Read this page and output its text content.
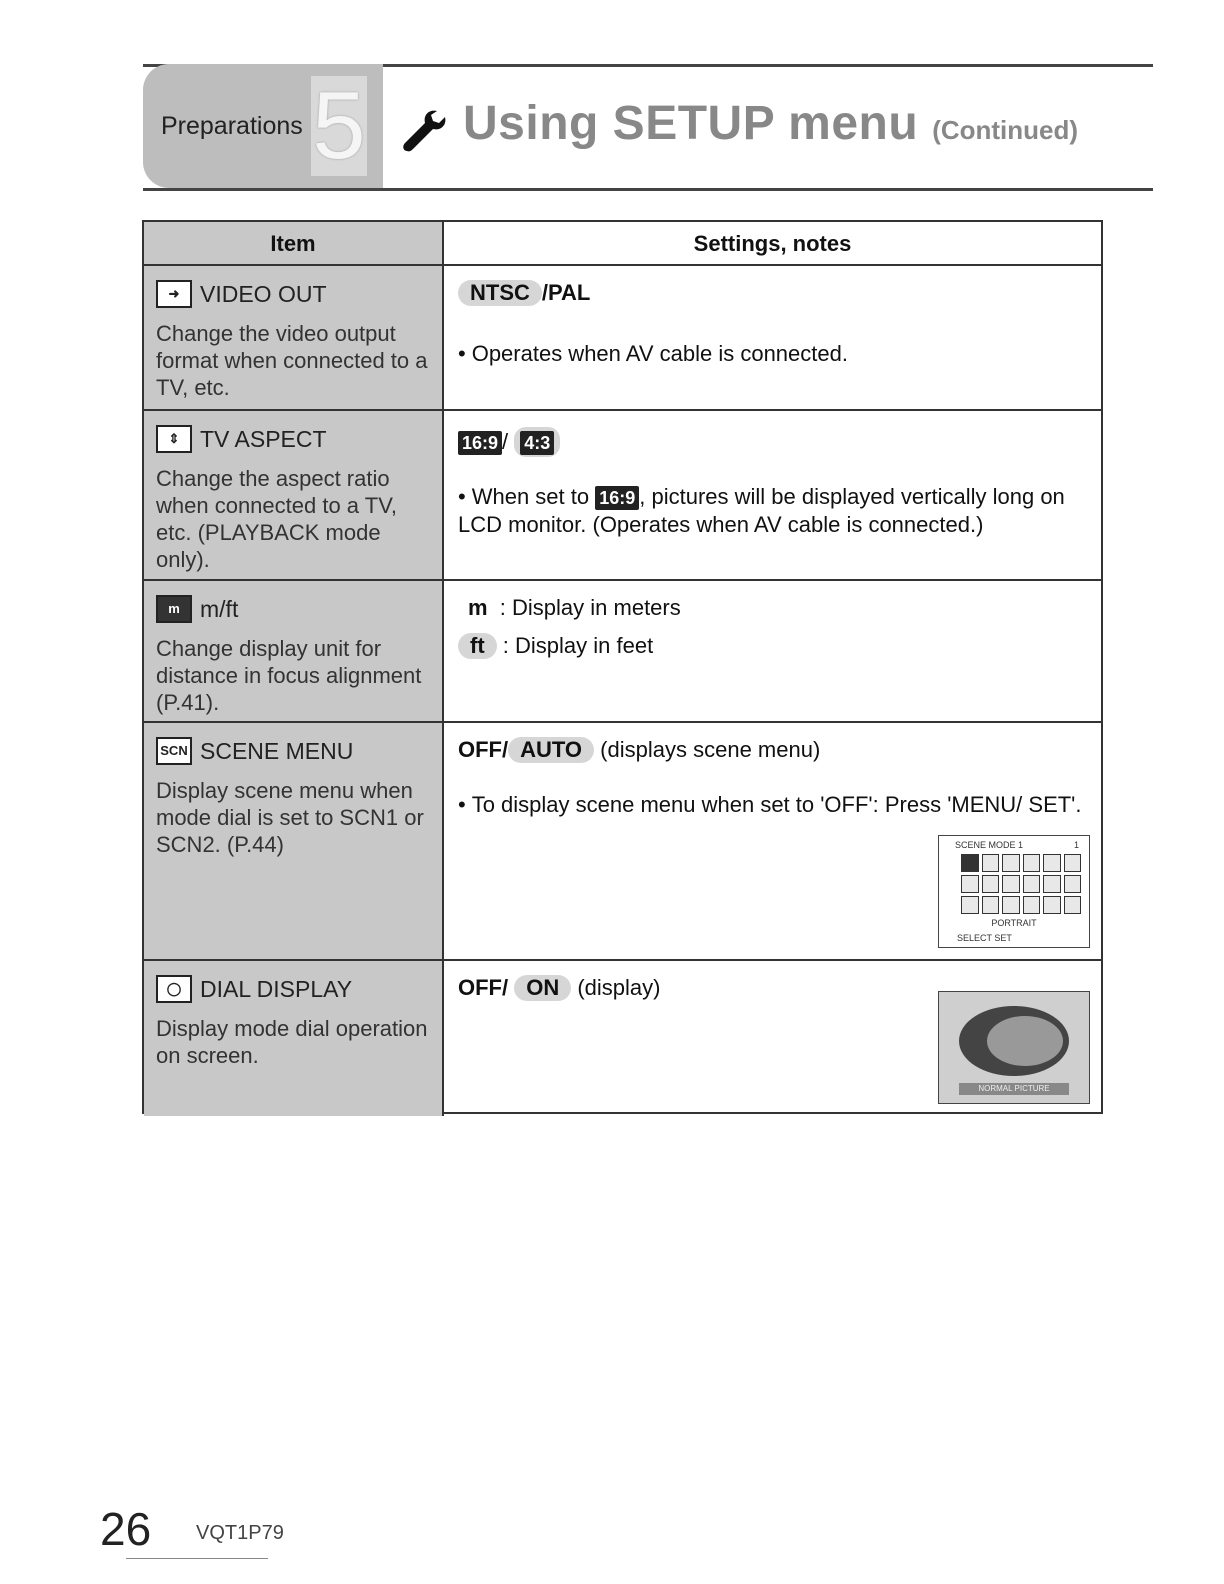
Preparations 5 Using SETUP menu (Continued)
Item	Settings, notes
➜ VIDEO OUT
Change the video output format when connected to a TV, etc.
NTSC /PAL
• Operates when AV cable is connected.
⇕ TV ASPECT
Change the aspect ratio when connected to a TV, etc. (PLAYBACK mode only).
16:9 / 4:3
• When set to 16:9 , pictures will be displayed vertically long on LCD monitor. (Operates when AV cable is connected.)
m m/ft
Change display unit for distance in focus alignment (P.41).
m : Display in meters
ft : Display in feet
SCN SCENE MENU
Display scene menu when mode dial is set to SCN1 or SCN2. (P.44)
OFF/ AUTO (displays scene menu)
• To display scene menu when set to 'OFF': Press 'MENU/ SET'.
SCENE MODE 1	1
PORTRAIT
SELECT SET
◯ DIAL DISPLAY
Display mode dial operation on screen.
OFF/ ON (display)
NORMAL PICTURE
26 VQT1P79
